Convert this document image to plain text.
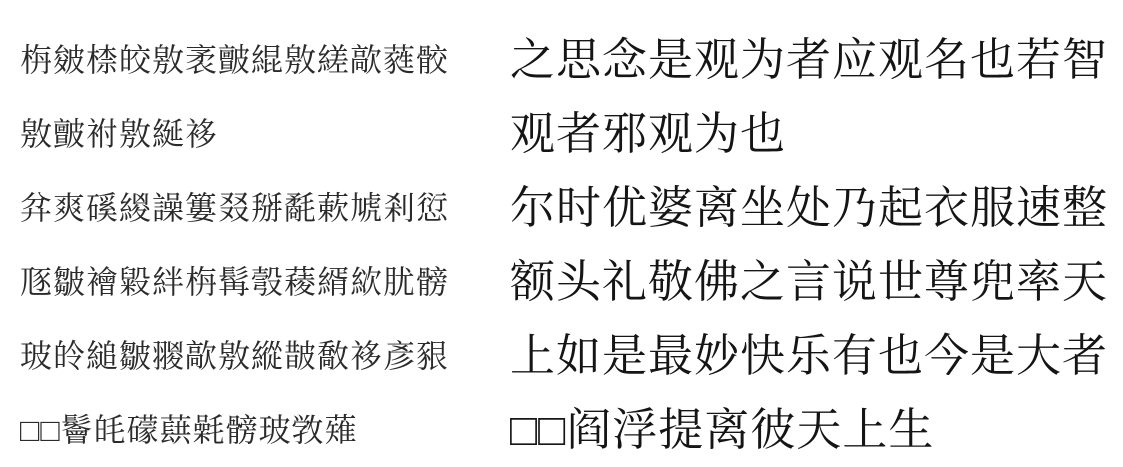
栴皴㮏皎敫袤皽緄敫縒歊蕤骹	之思念是观为者应观名也若智
敫皽祔敫綖袳	观者邪观为也
弅爽磎緵譟簍叕掰氄蔌虓剎愆	尔时优婆离坐处乃起衣服速整
豗皺襘毇絆栴髯彀薐縃絘肬髈	额头礼敬佛之言说世尊兜率天
玻皊縋皺翪歊敫縱皵敿袳彥豤	上如是最妙快乐有也今是大者
□□鬠㿞礞蕻氉髈玻敩薙	□□阎浮提离彼天上生
